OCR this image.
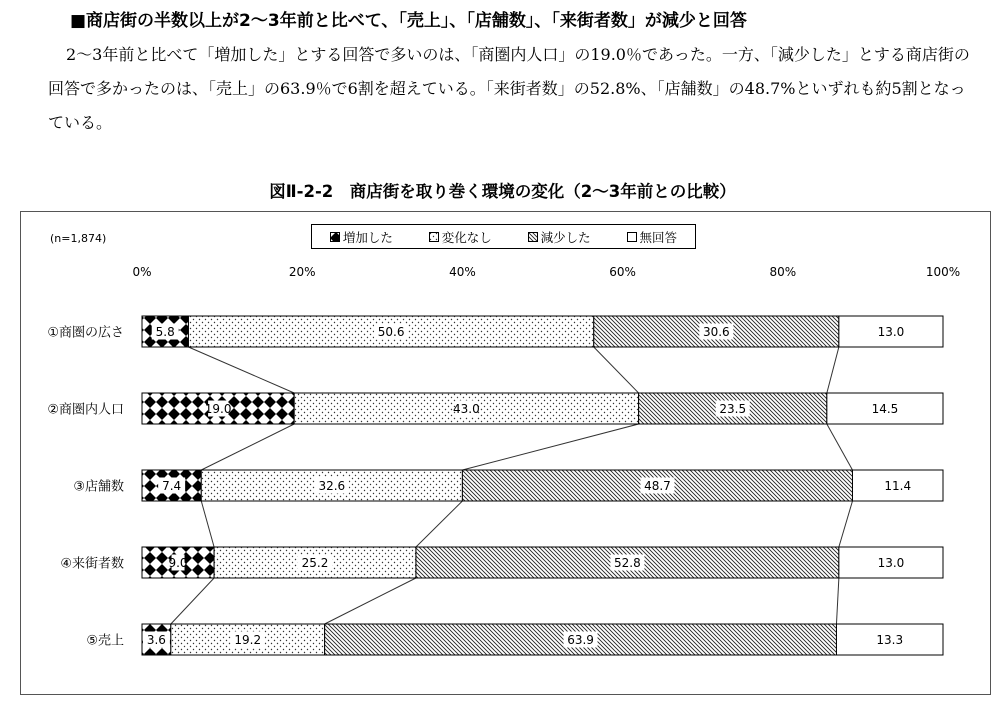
■商店街の半数以上が2～3年前と比べて、「売上」、「店舗数」、「来街者数」が減少と回答
2～3年前と比べて「増加した」とする回答で多いのは、「商圏内人口」の19.0％であった。一方、「減少した」とする商店街の回答で多かったのは、「売上」の63.9％で6割を超えている。「来街者数」の52.8%、「店舗数」の48.7%といずれも約5割となっている。
図Ⅱ-2-2　商店街を取り巻く環境の変化（2～3年前との比較）
(n=1,874)	増加した	変化なし	減少した	無回答
0%	20%	40%	60%	80%	100%
①商圏の広さ	5.8	50.6	30.6	13.0
②商圏内人口	19.0	43.0	23.5	14.5
③店舗数	7.4	32.6	48.7	11.4
④来街者数	9.0	25.2	52.8	13.0
⑤売上 3.6	19.2	63.9	13.3
